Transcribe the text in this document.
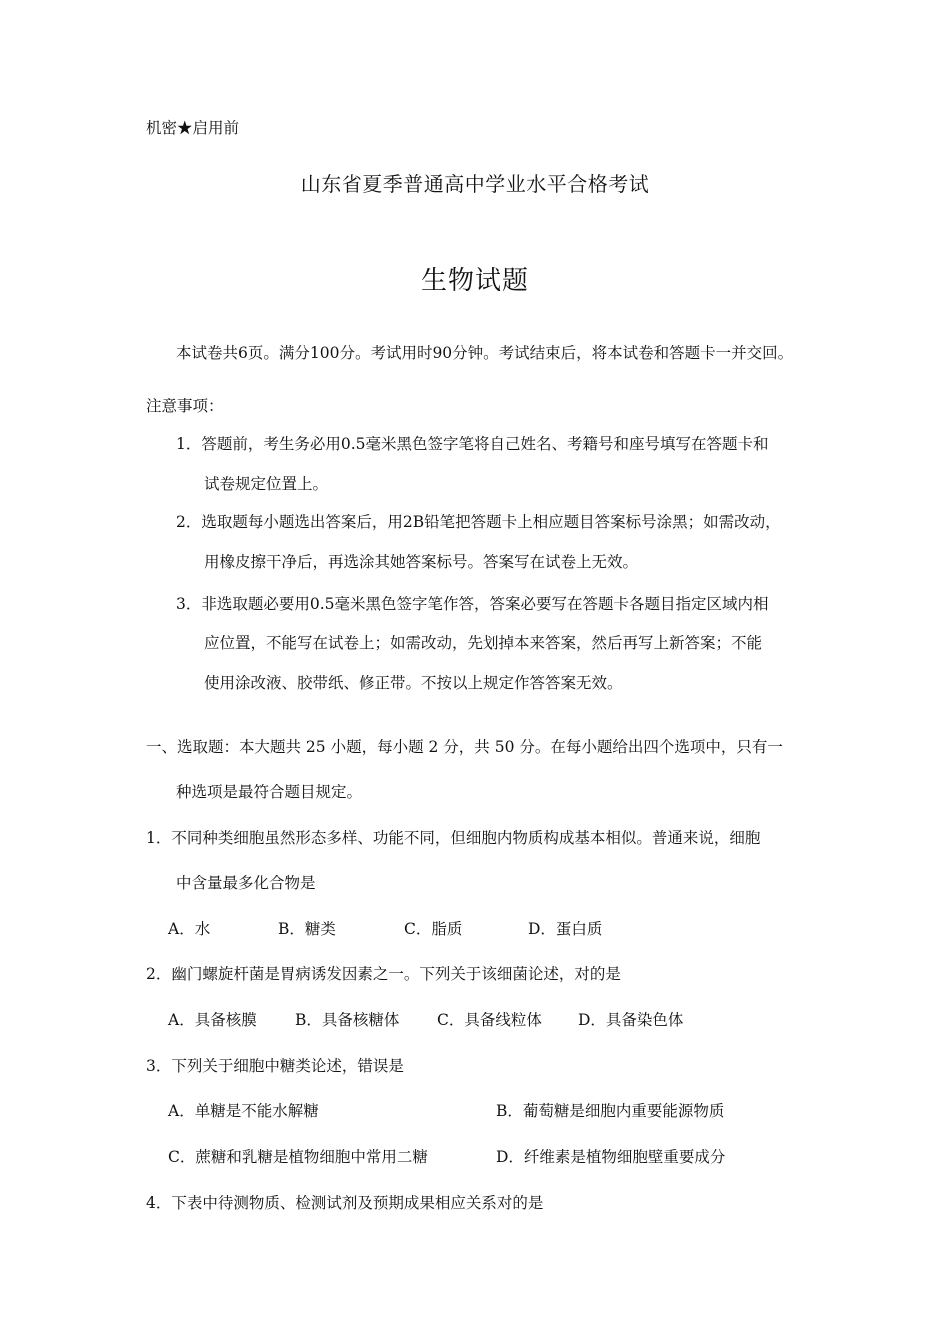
机密★启用前
山东省夏季普通高中学业水平合格考试
生物试题
本试卷共6页。满分100分。考试用时90分钟。考试结束后，将本试卷和答题卡一并交回。
注意事项：
1．答题前，考生务必用0.5毫米黑色签字笔将自己姓名、考籍号和座号填写在答题卡和
试卷规定位置上。
2．选取题每小题选出答案后，用2B铅笔把答题卡上相应题目答案标号涂黑；如需改动，
用橡皮擦干净后，再选涂其她答案标号。答案写在试卷上无效。
3．非选取题必要用0.5毫米黑色签字笔作答，答案必要写在答题卡各题目指定区域内相
应位置，不能写在试卷上；如需改动，先划掉本来答案，然后再写上新答案；不能
使用涂改液、胶带纸、修正带。不按以上规定作答答案无效。
一、选取题：本大题共 25 小题，每小题 2 分，共 50 分。在每小题给出四个选项中，只有一
种选项是最符合题目规定。
1．不同种类细胞虽然形态多样、功能不同，但细胞内物质构成基本相似。普通来说，细胞
中含量最多化合物是
A．水	B．糖类	C．脂质	D．蛋白质
2．幽门螺旋杆菌是胃病诱发因素之一。下列关于该细菌论述，对的是
A．具备核膜 B．具备核糖体 C．具备线粒体 D．具备染色体
3．下列关于细胞中糖类论述，错误是
A．单糖是不能水解糖	B．葡萄糖是细胞内重要能源物质
C．蔗糖和乳糖是植物细胞中常用二糖	D．纤维素是植物细胞壁重要成分
4．下表中待测物质、检测试剂及预期成果相应关系对的是
